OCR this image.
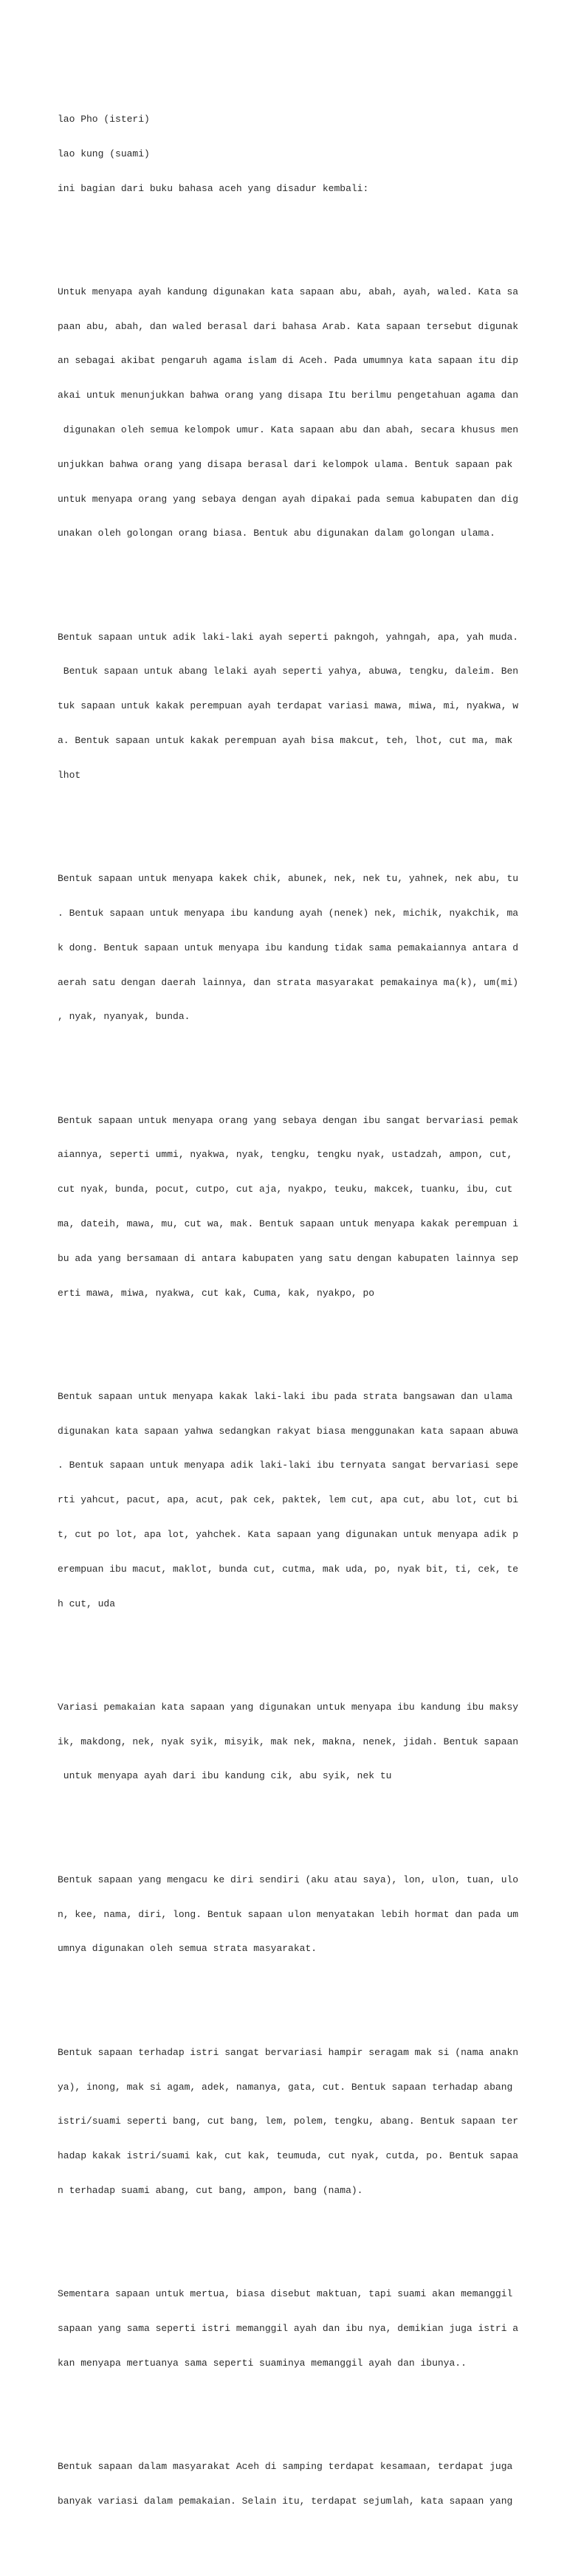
lao Pho (isteri)

lao kung (suami)

ini bagian dari buku bahasa aceh yang disadur kembali:

Untuk menyapa ayah kandung digunakan kata sapaan abu, abah, ayah, waled. Kata sa

paan abu, abah, dan waled berasal dari bahasa Arab. Kata sapaan tersebut digunak

an sebagai akibat pengaruh agama islam di Aceh. Pada umumnya kata sapaan itu dip

akai untuk menunjukkan bahwa orang yang disapa Itu berilmu pengetahuan agama dan

digunakan oleh semua kelompok umur. Kata sapaan abu dan abah, secara khusus men

unjukkan bahwa orang yang disapa berasal dari kelompok ulama. Bentuk sapaan pak

untuk menyapa orang yang sebaya dengan ayah dipakai pada semua kabupaten dan dig

unakan oleh golongan orang biasa. Bentuk abu digunakan dalam golongan ulama.

Bentuk sapaan untuk adik laki-laki ayah seperti pakngoh, yahngah, apa, yah muda.

Bentuk sapaan untuk abang lelaki ayah seperti yahya, abuwa, tengku, daleim. Ben

tuk sapaan untuk kakak perempuan ayah terdapat variasi mawa, miwa, mi, nyakwa, w

a. Bentuk sapaan untuk kakak perempuan ayah bisa makcut, teh, lhot, cut ma, mak

lhot

Bentuk sapaan untuk menyapa kakek chik, abunek, nek, nek tu, yahnek, nek abu, tu

. Bentuk sapaan untuk menyapa ibu kandung ayah (nenek) nek, michik, nyakchik, ma

k dong. Bentuk sapaan untuk menyapa ibu kandung tidak sama pemakaiannya antara d

aerah satu dengan daerah lainnya, dan strata masyarakat pemakainya ma(k), um(mi)

, nyak, nyanyak, bunda.

Bentuk sapaan untuk menyapa orang yang sebaya dengan ibu sangat bervariasi pemak

aiannya, seperti ummi, nyakwa, nyak, tengku, tengku nyak, ustadzah, ampon, cut,

cut nyak, bunda, pocut, cutpo, cut aja, nyakpo, teuku, makcek, tuanku, ibu, cut

ma, dateih, mawa, mu, cut wa, mak. Bentuk sapaan untuk menyapa kakak perempuan i

bu ada yang bersamaan di antara kabupaten yang satu dengan kabupaten lainnya sep

erti mawa, miwa, nyakwa, cut kak, Cuma, kak, nyakpo, po

Bentuk sapaan untuk menyapa kakak laki-laki ibu pada strata bangsawan dan ulama

digunakan kata sapaan yahwa sedangkan rakyat biasa menggunakan kata sapaan abuwa

. Bentuk sapaan untuk menyapa adik laki-laki ibu ternyata sangat bervariasi sepe

rti yahcut, pacut, apa, acut, pak cek, paktek, lem cut, apa cut, abu lot, cut bi

t, cut po lot, apa lot, yahchek. Kata sapaan yang digunakan untuk menyapa adik p

erempuan ibu macut, maklot, bunda cut, cutma, mak uda, po, nyak bit, ti, cek, te

h cut, uda

Variasi pemakaian kata sapaan yang digunakan untuk menyapa ibu kandung ibu maksy

ik, makdong, nek, nyak syik, misyik, mak nek, makna, nenek, jidah. Bentuk sapaan

untuk menyapa ayah dari ibu kandung cik, abu syik, nek tu

Bentuk sapaan yang mengacu ke diri sendiri (aku atau saya), lon, ulon, tuan, ulo

n, kee, nama, diri, long. Bentuk sapaan ulon menyatakan lebih hormat dan pada um

umnya digunakan oleh semua strata masyarakat.

Bentuk sapaan terhadap istri sangat bervariasi hampir seragam mak si (nama anakn

ya), inong, mak si agam, adek, namanya, gata, cut. Bentuk sapaan terhadap abang

istri/suami seperti bang, cut bang, lem, polem, tengku, abang. Bentuk sapaan ter

hadap kakak istri/suami kak, cut kak, teumuda, cut nyak, cutda, po. Bentuk sapaa

n terhadap suami abang, cut bang, ampon, bang (nama).

Sementara sapaan untuk mertua, biasa disebut maktuan, tapi suami akan memanggil

sapaan yang sama seperti istri memanggil ayah dan ibu nya, demikian juga istri a

kan menyapa mertuanya sama seperti suaminya memanggil ayah dan ibunya..

Bentuk sapaan dalam masyarakat Aceh di samping terdapat kesamaan, terdapat juga

banyak variasi dalam pemakaian. Selain itu, terdapat sejumlah, kata sapaan yang
